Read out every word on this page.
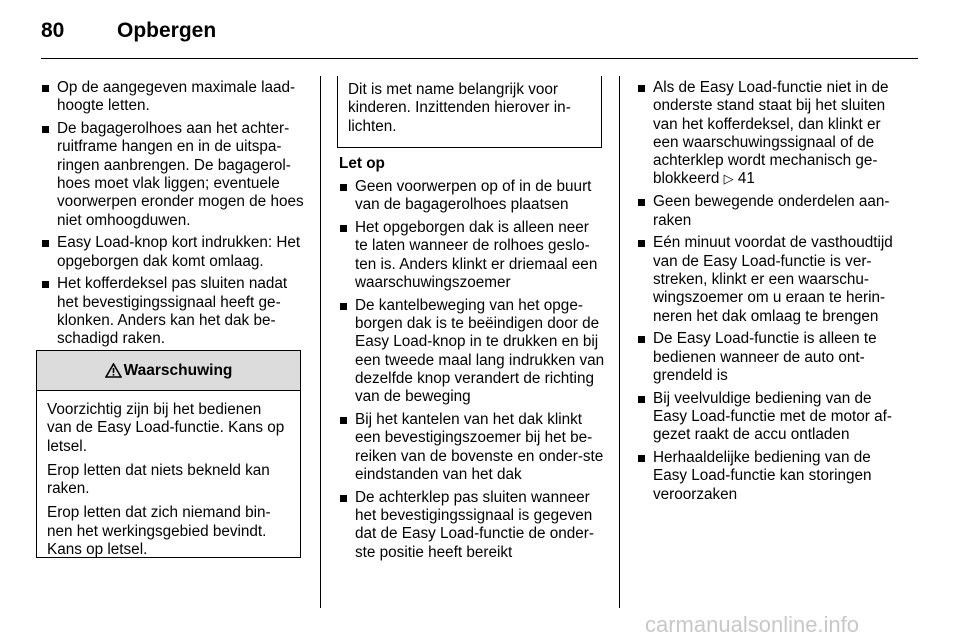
80	Opbergen
Op de aangegeven maximale laad-hoogte letten.
De bagagerolhoes aan het achter-ruitframe hangen en in de uitspa-ringen aanbrengen. De bagagerol-hoes moet vlak liggen; eventuele voorwerpen eronder mogen de hoes niet omhoogduwen.
Easy Load-knop kort indrukken: Het opgeborgen dak komt omlaag.
Het kofferdeksel pas sluiten nadat het bevestigingssignaal heeft ge-klonken. Anders kan het dak be-schadigd raken.
Waarschuwing

Voorzichtig zijn bij het bedienen van de Easy Load-functie. Kans op letsel.

Erop letten dat niets bekneld kan raken.

Erop letten dat zich niemand bin-nen het werkingsgebied bevindt. Kans op letsel.

Dit is met name belangrijk voor kinderen. Inzittenden hierover in-lichten.
Let op
Geen voorwerpen op of in de buurt van de bagagerolhoes plaatsen
Het opgeborgen dak is alleen neer te laten wanneer de rolhoes geslo-ten is. Anders klinkt er driemaal een waarschuwingszoemer
De kantelbeweging van het opge-borgen dak is te beëindigen door de Easy Load-knop in te drukken en bij een tweede maal lang indrukken van dezelfde knop verandert de richting van de beweging
Bij het kantelen van het dak klinkt een bevestigingszoemer bij het be-reiken van de bovenste en onder-ste eindstanden van het dak
De achterklep pas sluiten wanneer het bevestigingssignaal is gegeven dat de Easy Load-functie de onder-ste positie heeft bereikt
Als de Easy Load-functie niet in de onderste stand staat bij het sluiten van het kofferdeksel, dan klinkt er een waarschuwingssignaal of de achterklep wordt mechanisch ge-blokkeerd ▷ 41
Geen bewegende onderdelen aan-raken
Eén minuut voordat de vasthoudtijd van de Easy Load-functie is ver-streken, klinkt er een waarschu-wingszoemer om u eraan te herin-neren het dak omlaag te brengen
De Easy Load-functie is alleen te bedienen wanneer de auto ont-grendeld is
Bij veelvuldige bediening van de Easy Load-functie met de motor af-gezet raakt de accu ontladen
Herhaaldelijke bediening van de Easy Load-functie kan storingen veroorzaken
carmanualsonline.info
